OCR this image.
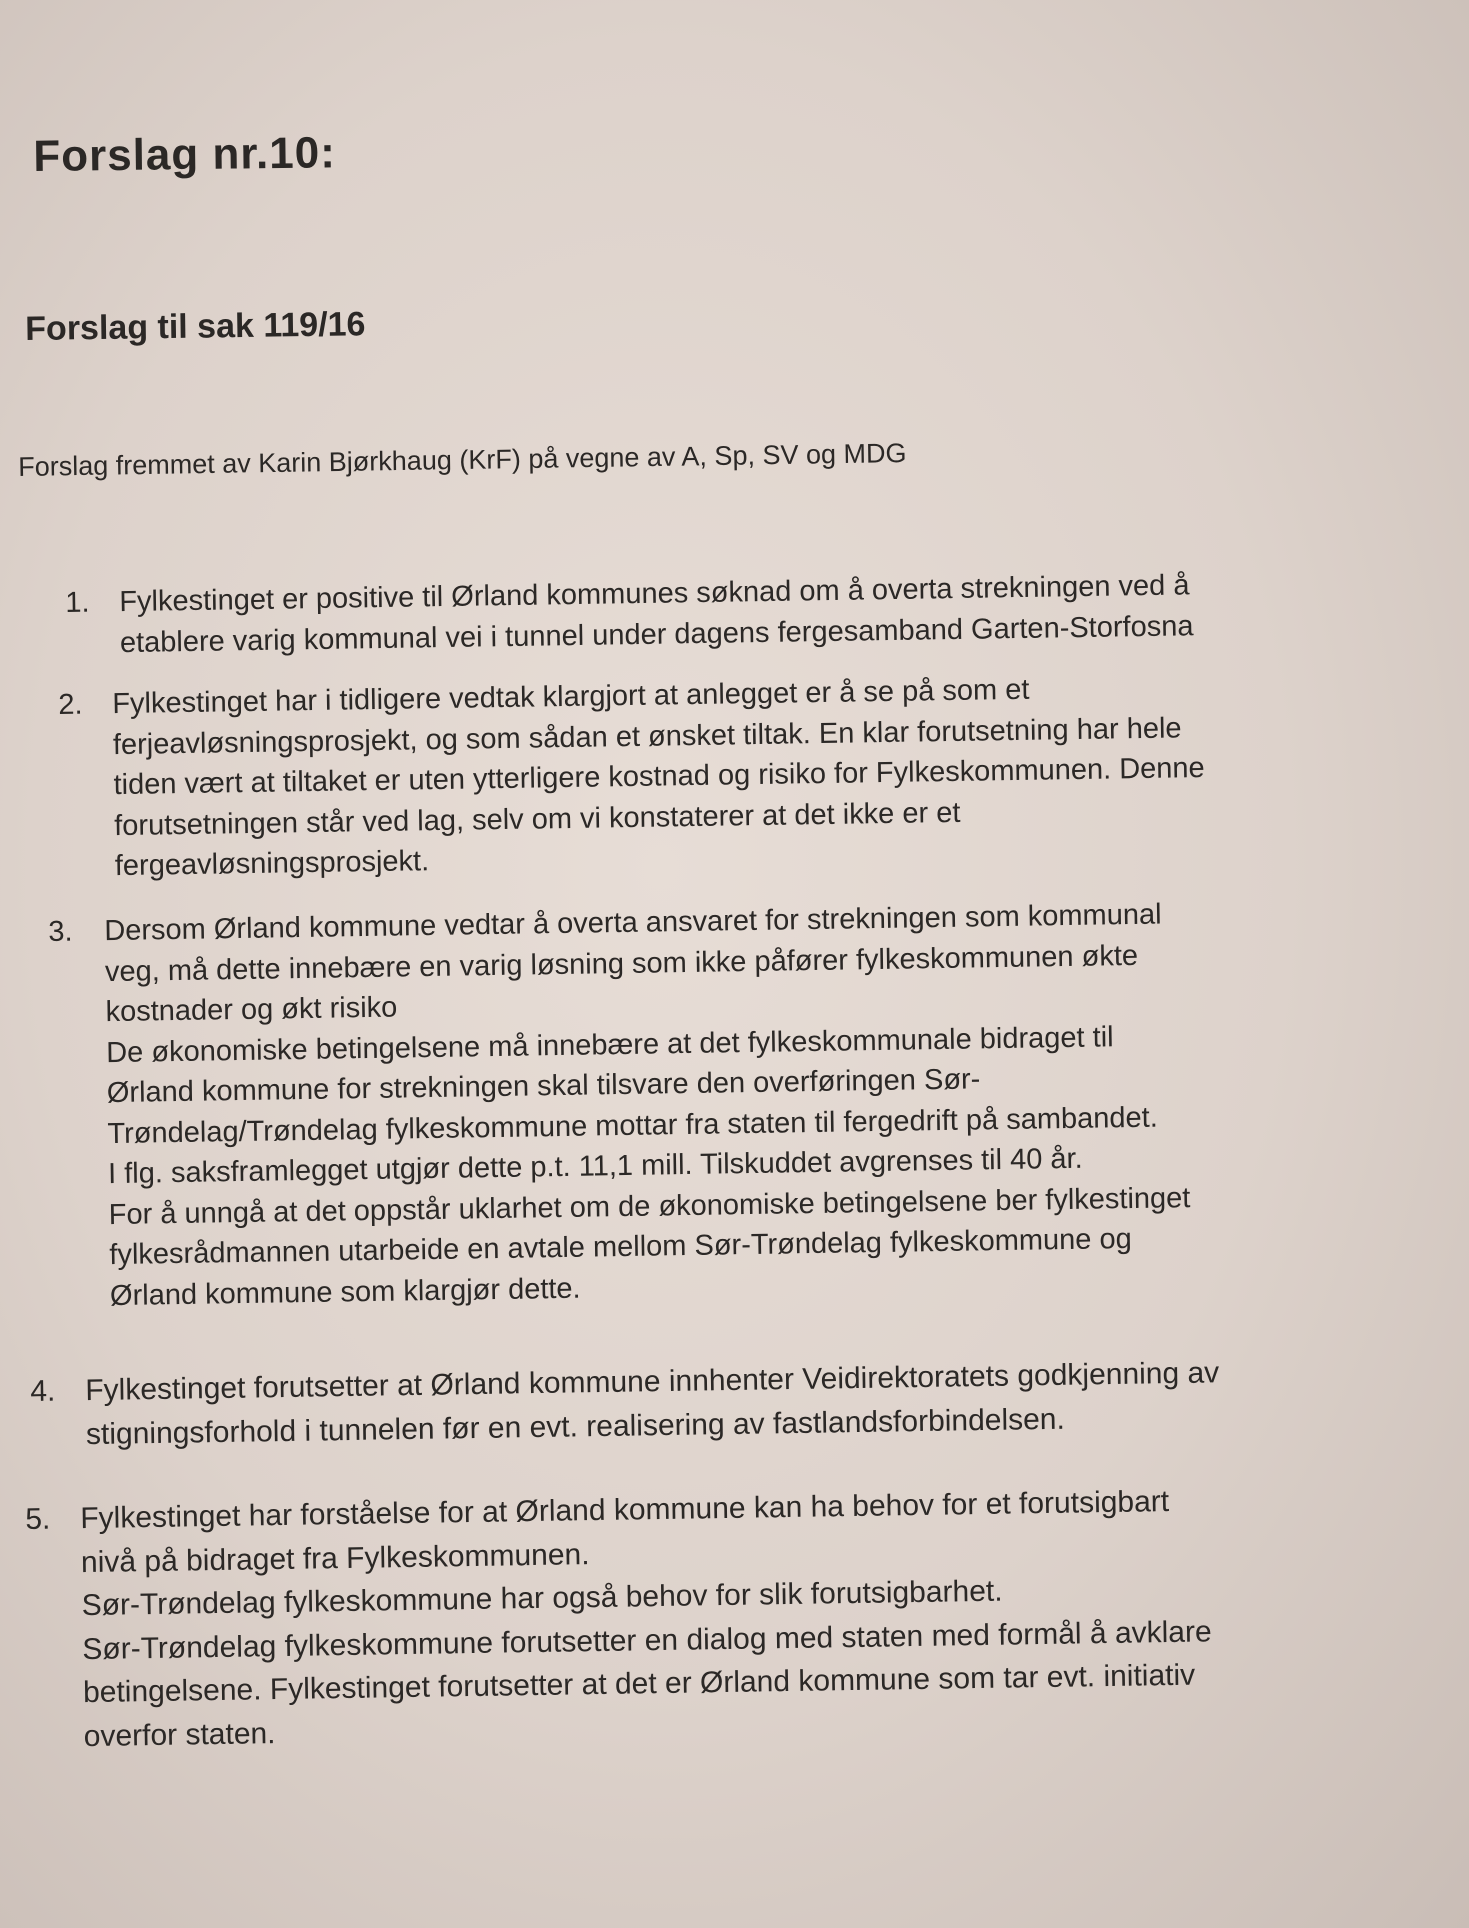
Forslag nr.10:
Forslag til sak 119/16

Forslag fremmet av Karin Bjørkhaug (KrF) på vegne av A, Sp, SV og MDG

1.	Fylkestinget er positive til Ørland kommunes søknad om å overta strekningen ved å
etablere varig kommunal vei i tunnel under dagens fergesamband Garten-Storfosna
2.	Fylkestinget har i tidligere vedtak klargjort at anlegget er å se på som et
ferjeavløsningsprosjekt, og som sådan et ønsket tiltak. En klar forutsetning har hele
tiden vært at tiltaket er uten ytterligere kostnad og risiko for Fylkeskommunen. Denne
forutsetningen står ved lag, selv om vi konstaterer at det ikke er et
fergeavløsningsprosjekt.
3.	Dersom Ørland kommune vedtar å overta ansvaret for strekningen som kommunal
veg, må dette innebære en varig løsning som ikke påfører fylkeskommunen økte
kostnader og økt risiko
De økonomiske betingelsene må innebære at det fylkeskommunale bidraget til
Ørland kommune for strekningen skal tilsvare den overføringen Sør-
Trøndelag/Trøndelag fylkeskommune mottar fra staten til fergedrift på sambandet.
I flg. saksframlegget utgjør dette p.t. 11,1 mill. Tilskuddet avgrenses til 40 år.
For å unngå at det oppstår uklarhet om de økonomiske betingelsene ber fylkestinget
fylkesrådmannen utarbeide en avtale mellom Sør-Trøndelag fylkeskommune og
Ørland kommune som klargjør dette.
4. Fylkestinget forutsetter at Ørland kommune innhenter Veidirektoratets godkjenning av
stigningsforhold i tunnelen før en evt. realisering av fastlandsforbindelsen.
5. Fylkestinget har forståelse for at Ørland kommune kan ha behov for et forutsigbart
nivå på bidraget fra Fylkeskommunen.
Sør-Trøndelag fylkeskommune har også behov for slik forutsigbarhet.
Sør-Trøndelag fylkeskommune forutsetter en dialog med staten med formål å avklare
betingelsene. Fylkestinget forutsetter at det er Ørland kommune som tar evt. initiativ
overfor staten.
